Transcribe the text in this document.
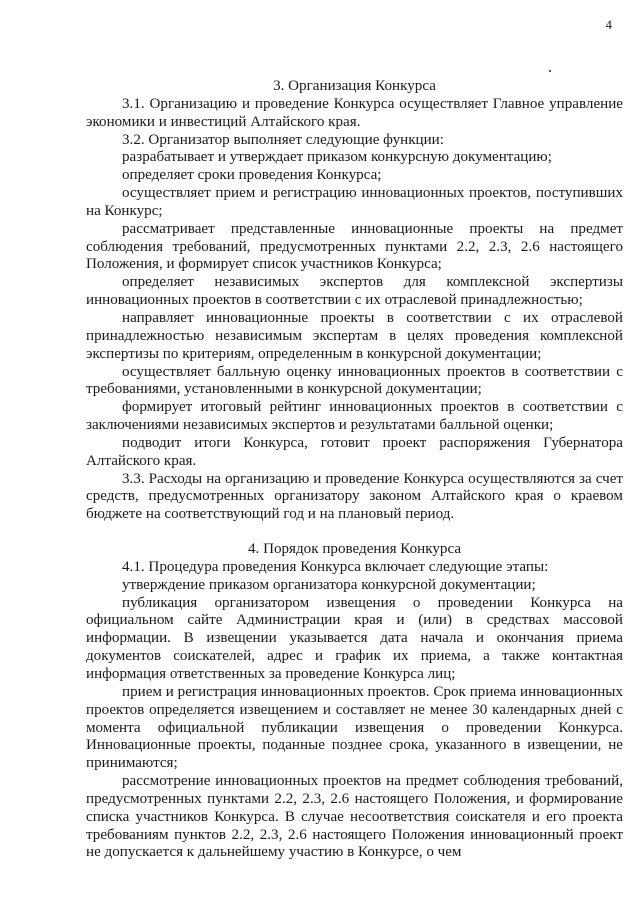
4

3. Организация Конкурса

3.1. Организацию и проведение Конкурса осуществляет Главное управление экономики и инвестиций Алтайского края.

3.2. Организатор выполняет следующие функции:

разрабатывает и утверждает приказом конкурсную документацию;

определяет сроки проведения Конкурса;

осуществляет прием и регистрацию инновационных проектов, поступивших на Конкурс;

рассматривает представленные инновационные проекты на предмет соблюдения требований, предусмотренных пунктами 2.2, 2.3, 2.6 настоящего Положения, и формирует список участников Конкурса;

определяет независимых экспертов для комплексной экспертизы инновационных проектов в соответствии с их отраслевой принадлежностью;

направляет инновационные проекты в соответствии с их отраслевой принадлежностью независимым экспертам в целях проведения комплексной экспертизы по критериям, определенным в конкурсной документации;

осуществляет балльную оценку инновационных проектов в соответствии с требованиями, установленными в конкурсной документации;

формирует итоговый рейтинг инновационных проектов в соответствии с заключениями независимых экспертов и результатами балльной оценки;

подводит итоги Конкурса, готовит проект распоряжения Губернатора Алтайского края.

3.3. Расходы на организацию и проведение Конкурса осуществляются за счет средств, предусмотренных организатору законом Алтайского края о краевом бюджете на соответствующий год и на плановый период.

4. Порядок проведения Конкурса

4.1. Процедура проведения Конкурса включает следующие этапы:

утверждение приказом организатора конкурсной документации;

публикация организатором извещения о проведении Конкурса на официальном сайте Администрации края и (или) в средствах массовой информации. В извещении указывается дата начала и окончания приема документов соискателей, адрес и график их приема, а также контактная информация ответственных за проведение Конкурса лиц;

прием и регистрация инновационных проектов. Срок приема инновационных проектов определяется извещением и составляет не менее 30 календарных дней с момента официальной публикации извещения о проведении Конкурса. Инновационные проекты, поданные позднее срока, указанного в извещении, не принимаются;

рассмотрение инновационных проектов на предмет соблюдения требований, предусмотренных пунктами 2.2, 2.3, 2.6 настоящего Положения, и формирование списка участников Конкурса. В случае несоответствия соискателя и его проекта требованиям пунктов 2.2, 2.3, 2.6 настоящего Положения инновационный проект не допускается к дальнейшему участию в Конкурсе, о чем
